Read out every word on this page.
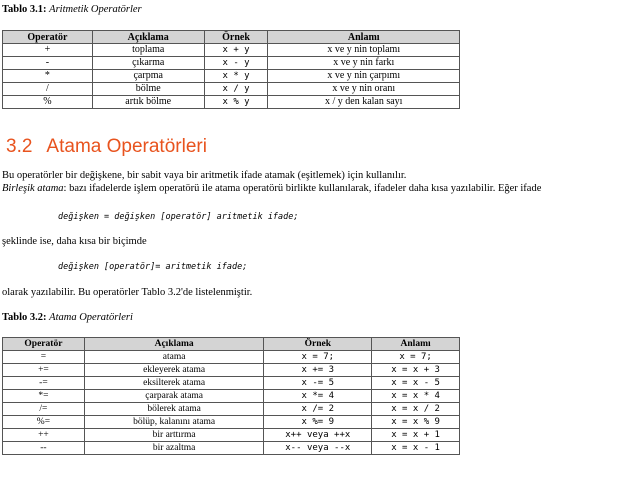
Tablo 3.1: Aritmetik Operatörler
Operatör	Açıklama	Örnek	Anlamı
+	toplama	x + y	x ve y nin toplamı
-	çıkarma	x - y	x ve y nin farkı
*	çarpma	x * y	x ve y nin çarpımı
/	bölme	x / y	x ve y nin oranı
%	artık bölme	x % y	x / y den kalan sayı
3.2 Atama Operatörleri
Bu operatörler bir değişkene, bir sabit vaya bir aritmetik ifade atamak (eşitlemek) için kullanılır.
Birleşik atama: bazı ifadelerde işlem operatörü ile atama operatörü birlikte kullanılarak, ifadeler daha kısa yazılabilir. Eğer ifade
değişken = değişken [operatör] aritmetik ifade;
şeklinde ise, daha kısa bir biçimde
değişken [operatör]= aritmetik ifade;
olarak yazılabilir. Bu operatörler Tablo 3.2'de listelenmiştir.
Tablo 3.2: Atama Operatörleri
Operatör	Açıklama	Örnek	Anlamı
=	atama	x = 7;	x = 7;
+=	ekleyerek atama	x += 3	x = x + 3
-=	eksilterek atama	x -= 5	x = x - 5
*=	çarparak atama	x *= 4	x = x * 4
/=	bölerek atama	x /= 2	x = x / 2
%=	bölüp, kalanını atama	x %= 9	x = x % 9
++	bir arttırma	x++ veya ++x	x = x + 1
--	bir azaltma	x-- veya --x	x = x - 1
